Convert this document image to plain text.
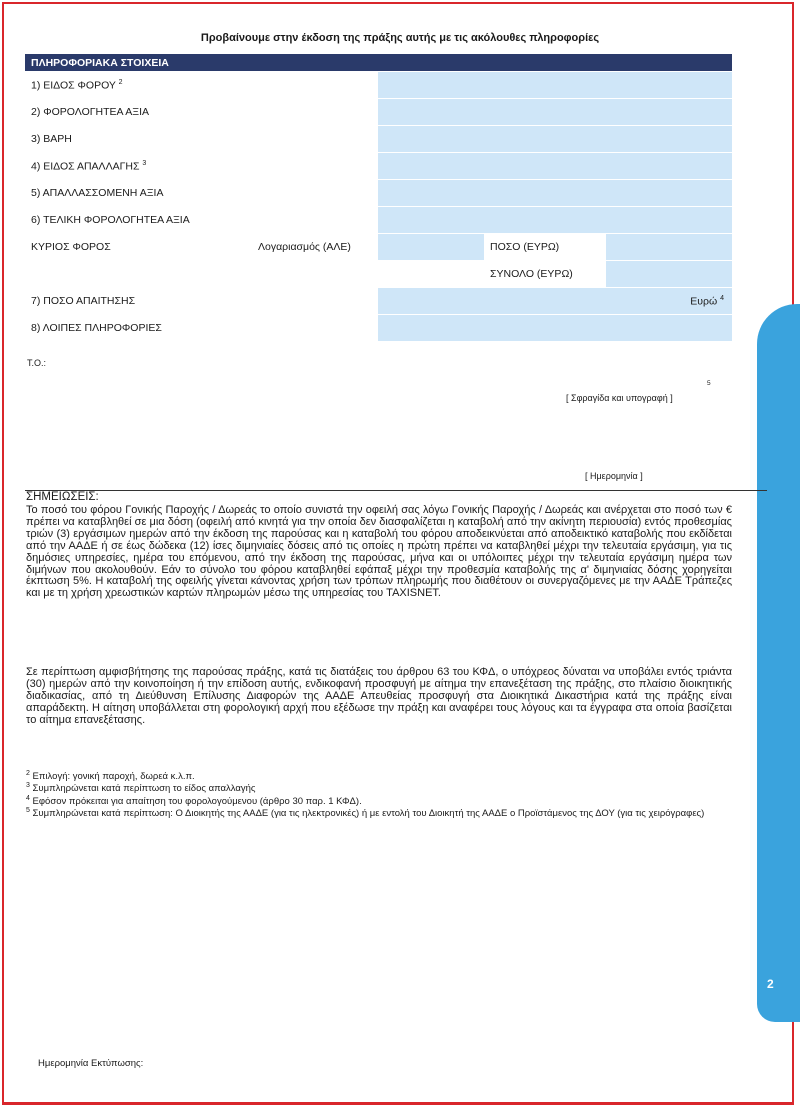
2
Προβαίνουμε στην έκδοση της πράξης αυτής με τις ακόλουθες πληροφορίες
ΠΛΗΡΟΦΟΡΙΑΚΑ ΣΤΟΙΧΕΙΑ				
1) ΕΙΔΟΣ ΦΟΡΟΥ $^2$	
2) ΦΟΡΟΛΟΓΗΤΕΑ ΑΞΙΑ				
3) ΒΑΡΗ				
4) ΕΙΔΟΣ ΑΠΑΛΛΑΓΗΣ $^3$	
5) ΑΠΑΛΛΑΣΣΟΜΕΝΗ ΑΞΙΑ				
6) ΤΕΛΙΚΗ ΦΟΡΟΛΟΓΗΤΕΑ ΑΞΙΑ				
ΚΥΡΙΟΣ ΦΟΡΟΣ	Λογαριασμός (ΑΛΕ)		ΠΟΣΟ (ΕΥΡΩ)	
			ΣΥΝΟΛΟ (ΕΥΡΩ)	
7) ΠΟΣΟ ΑΠΑΙΤΗΣΗΣ		Ευρώ $^4$
8) ΛΟΙΠΕΣ ΠΛΗΡΟΦΟΡΙΕΣ				
Τ.Ο.:
5
[ Σφραγίδα και υπογραφή ]
[ Ημερομηνία ]
ΣΗΜΕΙΩΣΕΙΣ:
Το ποσό του φόρου Γονικής Παροχής / Δωρεάς το οποίο συνιστά την οφειλή σας λόγω Γονικής Παροχής / Δωρεάς και ανέρχεται στο ποσό των € πρέπει να καταβληθεί σε μια δόση (οφειλή από κινητά για την οποία δεν διασφαλίζεται η καταβολή από την ακίνητη περιουσία) εντός προθεσμίας τριών (3) εργάσιμων ημερών από την έκδοση της παρούσας και η καταβολή του φόρου αποδεικνύεται από αποδεικτικό καταβολής που εκδίδεται από την ΑΑΔΕ ή σε έως δώδεκα (12) ίσες διμηνιαίες δόσεις από τις οποίες η πρώτη πρέπει να καταβληθεί μέχρι την τελευταία εργάσιμη, για τις δημόσιες υπηρεσίες, ημέρα του επόμενου, από την έκδοση της παρούσας, μήνα και οι υπόλοιπες μέχρι την τελευταία εργάσιμη ημέρα των διμήνων που ακολουθούν. Εάν το σύνολο του φόρου καταβληθεί εφάπαξ μέχρι την προθεσμία καταβολής της α' διμηνιαίας δόσης χορηγείται έκπτωση 5%. Η καταβολή της οφειλής γίνεται κάνοντας χρήση των τρόπων πληρωμής που διαθέτουν οι συνεργαζόμενες με την ΑΑΔΕ Τράπεζες και με τη χρήση χρεωστικών καρτών πληρωμών μέσω της υπηρεσίας του TAXISNET.
Σε περίπτωση αμφισβήτησης της παρούσας πράξης, κατά τις διατάξεις του άρθρου 63 του ΚΦΔ, ο υπόχρεος δύναται να υποβάλει εντός τριάντα (30) ημερών από την κοινοποίηση ή την επίδοση αυτής, ενδικοφανή προσφυγή με αίτημα την επανεξέταση της πράξης, στο πλαίσιο διοικητικής διαδικασίας, από τη Διεύθυνση Επίλυσης Διαφορών της ΑΑΔΕ Απευθείας προσφυγή στα Διοικητικά Δικαστήρια κατά της πράξης είναι απαράδεκτη. Η αίτηση υποβάλλεται στη φορολογική αρχή που εξέδωσε την πράξη και αναφέρει τους λόγους και τα έγγραφα στα οποία βασίζεται το αίτημα επανεξέτασης.
$^2$ Επιλογή: γονική παροχή, δωρεά κ.λ.π.
$^3$ Συμπληρώνεται κατά περίπτωση το είδος απαλλαγής
$^4$ Εφόσον πρόκειται για απαίτηση του φορολογούμενου (άρθρο 30 παρ. 1 ΚΦΔ).
$^5$ Συμπληρώνεται κατά περίπτωση: Ο Διοικητής της ΑΑΔΕ (για τις ηλεκτρονικές) ή με εντολή του Διοικητή της ΑΑΔΕ ο Προϊστάμενος της ΔΟΥ (για τις χειρόγραφες)
Ημερομηνία Εκτύπωσης:
